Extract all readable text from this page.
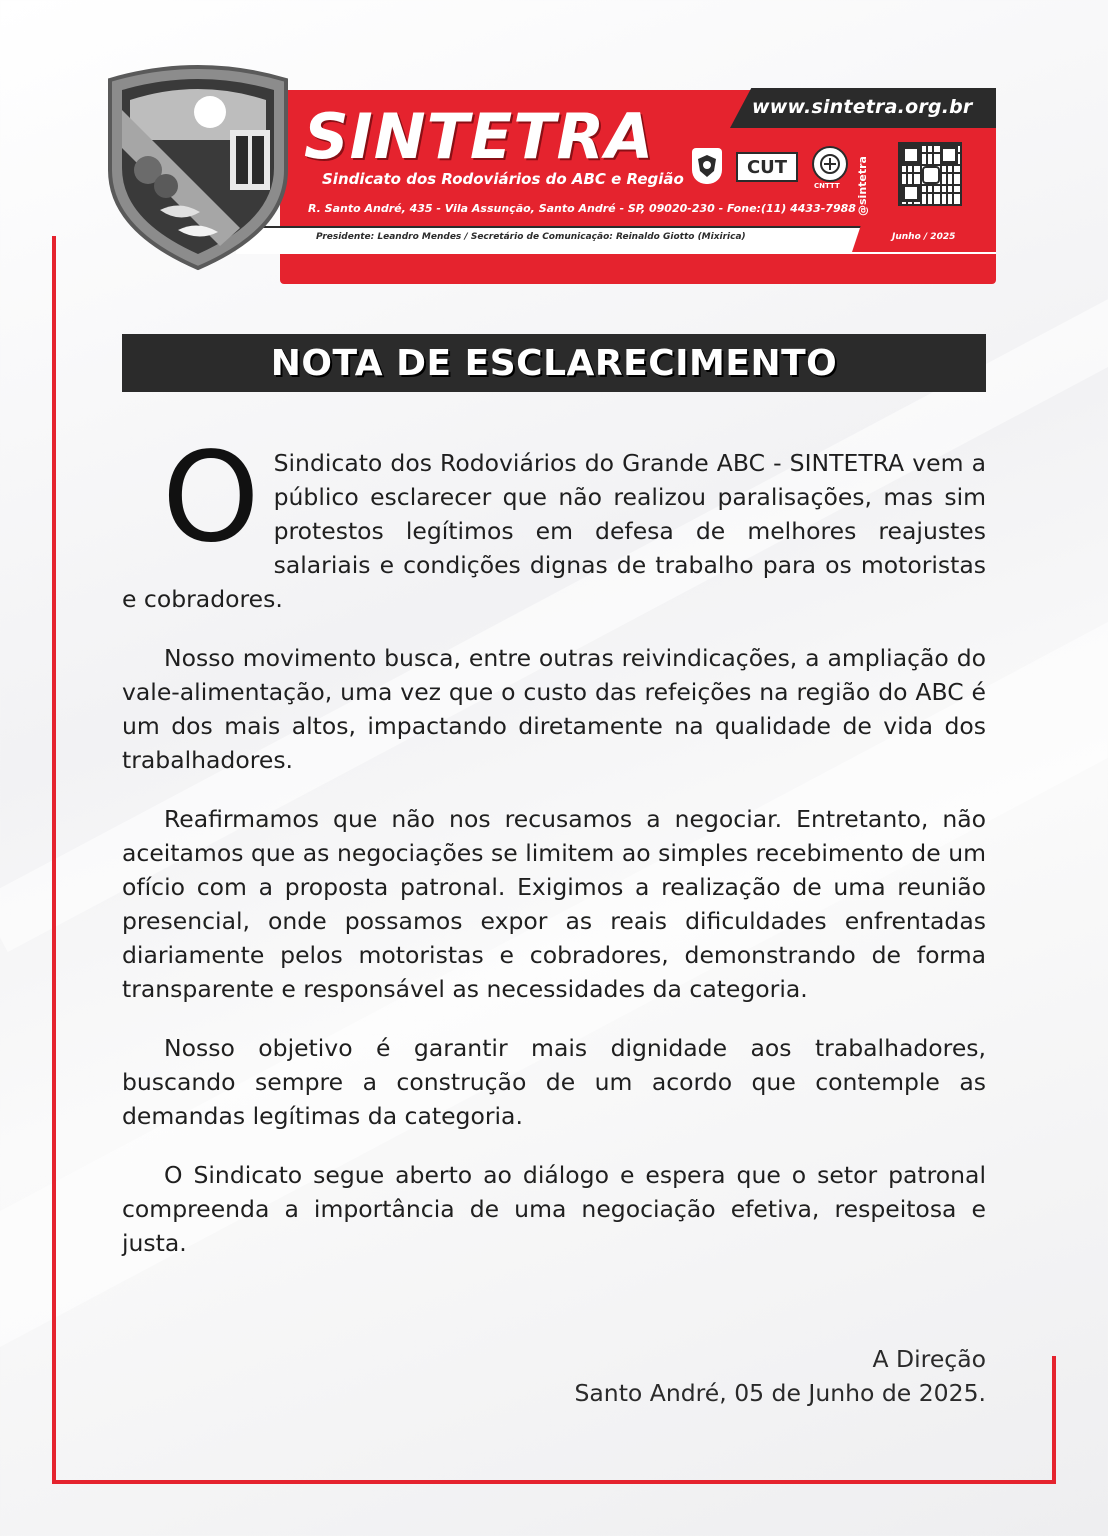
www.sintetra.org.br
SINTETRA
Sindicato dos Rodoviários do ABC e Região
R. Santo André, 435 - Vila Assunção, Santo André - SP, 09020-230 - Fone:(11) 4433-7988
CUT
CNTTT @sintetra
Presidente: Leandro Mendes / Secretário de Comunicação: Reinaldo Giotto (Mixirica)	Junho / 2025
NOTA DE ESCLARECIMENTO

O Sindicato dos Rodoviários do Grande ABC - SINTETRA vem a público esclarecer que não realizou paralisações, mas sim protestos legítimos em defesa de melhores reajustes salariais e condições dignas de trabalho para os motoristas e cobradores.

Nosso movimento busca, entre outras reivindicações, a ampliação do vale-alimentação, uma vez que o custo das refeições na região do ABC é um dos mais altos, impactando diretamente na qualidade de vida dos trabalhadores.

Reafirmamos que não nos recusamos a negociar. Entretanto, não aceitamos que as negociações se limitem ao simples recebimento de um ofício com a proposta patronal. Exigimos a realização de uma reunião presencial, onde possamos expor as reais dificuldades enfrentadas diariamente pelos motoristas e cobradores, demonstrando de forma transparente e responsável as necessidades da categoria.

Nosso objetivo é garantir mais dignidade aos trabalhadores, buscando sempre a construção de um acordo que contemple as demandas legítimas da categoria.

O Sindicato segue aberto ao diálogo e espera que o setor patronal compreenda a importância de uma negociação efetiva, respeitosa e justa.

A Direção
Santo André, 05 de Junho de 2025.
